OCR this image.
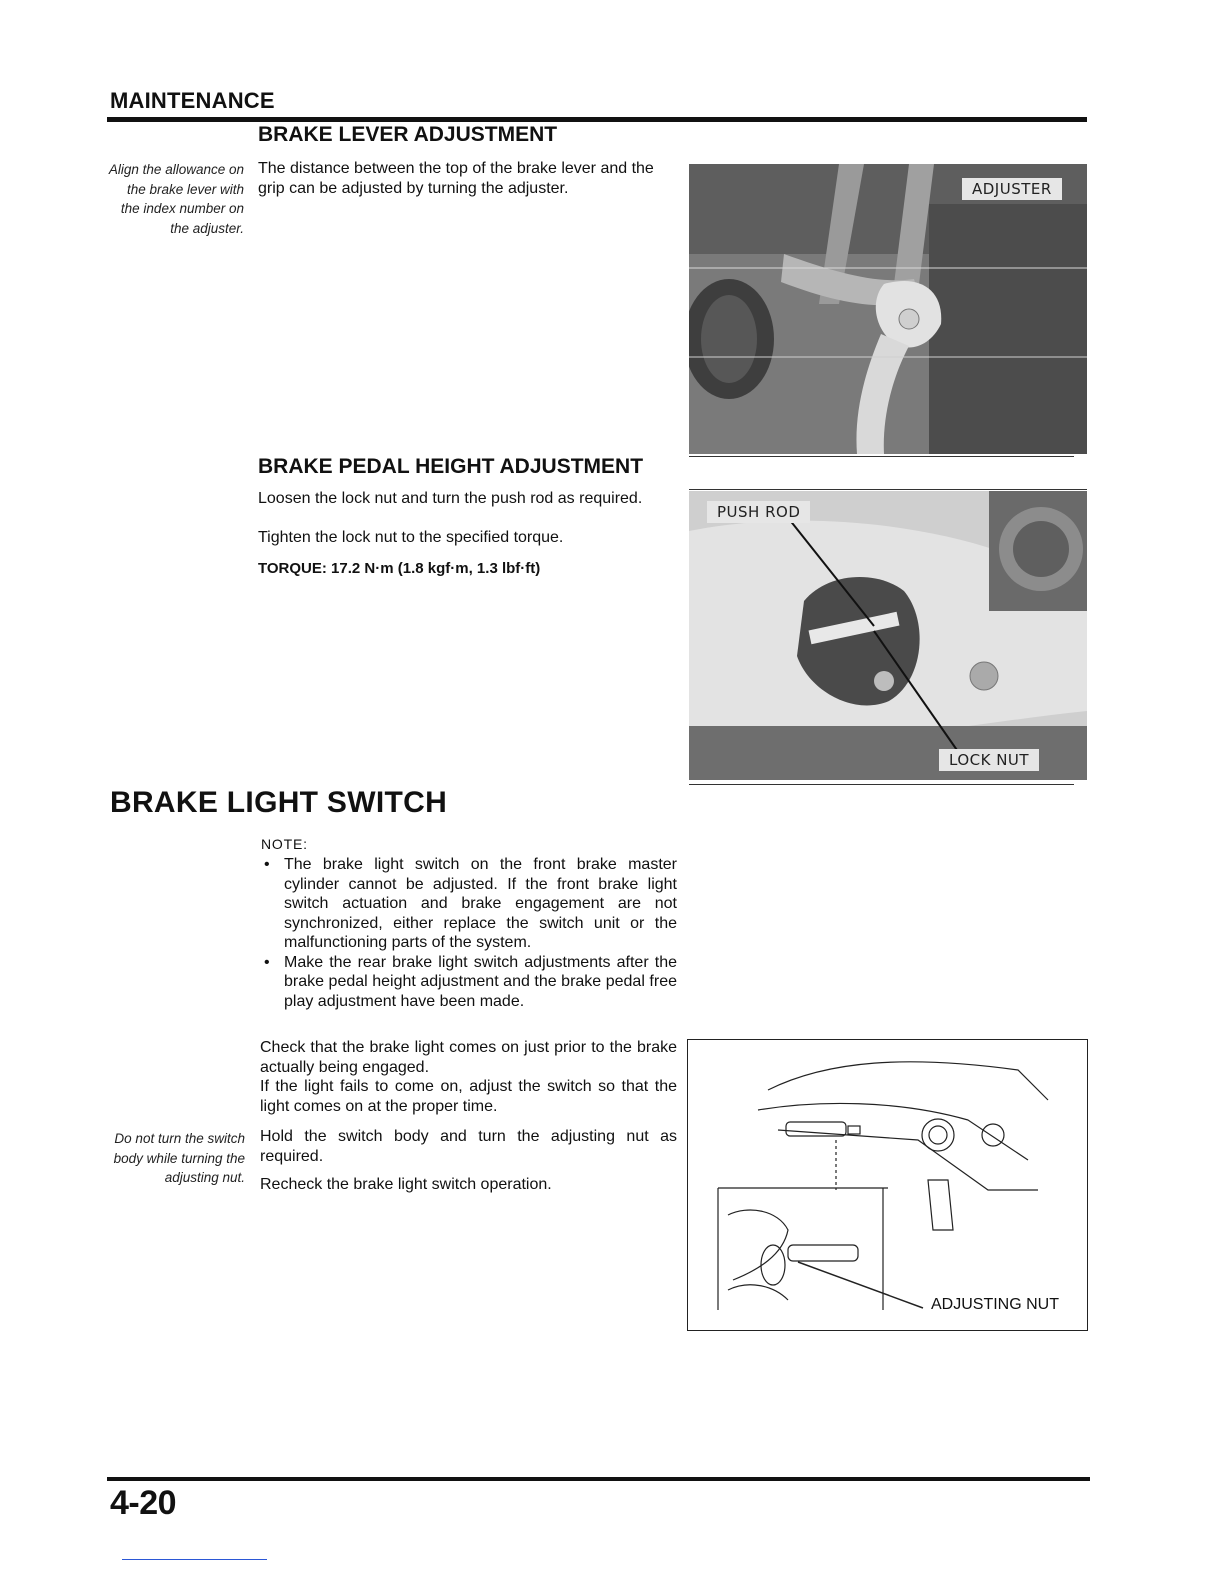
MAINTENANCE
BRAKE LEVER ADJUSTMENT
Align the allowance on the brake lever with the index number on the adjuster.
The distance between the top of the brake lever and the grip can be adjusted by turning the adjuster.	ADJUSTER
BRAKE PEDAL HEIGHT ADJUSTMENT
Loosen the lock nut and turn the push rod as required.
Tighten the lock nut to the specified torque.
TORQUE: 17.2 N·m (1.8 kgf·m, 1.3 lbf·ft)
PUSH ROD
LOCK NUT
BRAKE LIGHT SWITCH
NOTE:
• The brake light switch on the front brake master cylinder cannot be adjusted. If the front brake light switch actuation and brake engagement are not synchronized, either replace the switch unit or the malfunctioning parts of the system.
• Make the rear brake light switch adjustments after the brake pedal height adjustment and the brake pedal free play adjustment have been made.
Check that the brake light comes on just prior to the brake actually being engaged.
If the light fails to come on, adjust the switch so that the light comes on at the proper time.
Do not turn the switch body while turning the adjusting nut.
Hold the switch body and turn the adjusting nut as required.
Recheck the brake light switch operation.
ADJUSTING NUT
4-20
